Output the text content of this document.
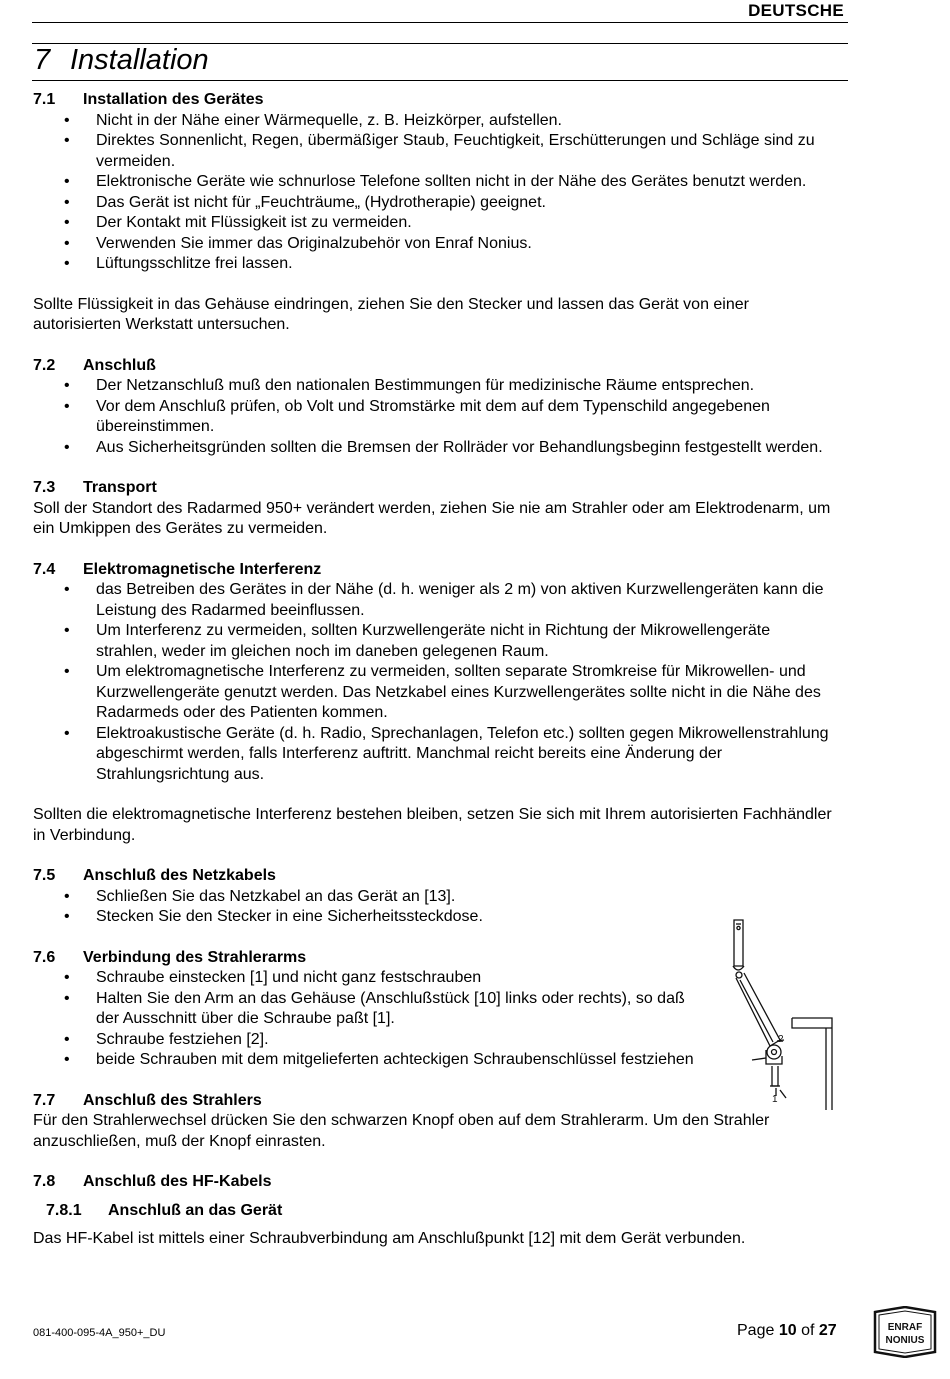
DEUTSCHE
7 Installation
7.1 Installation des Gerätes
• Nicht in der Nähe einer Wärmequelle, z. B. Heizkörper, aufstellen.
• Direktes Sonnenlicht, Regen, übermäßiger Staub, Feuchtigkeit, Erschütterungen und Schläge sind zu vermeiden.
• Elektronische Geräte wie schnurlose Telefone sollten nicht in der Nähe des Gerätes benutzt werden.
• Das Gerät ist nicht für „Feuchträume„ (Hydrotherapie) geeignet.
• Der Kontakt mit Flüssigkeit ist zu vermeiden.
• Verwenden Sie immer das Originalzubehör von Enraf Nonius.
• Lüftungsschlitze frei lassen.

Sollte Flüssigkeit in das Gehäuse eindringen, ziehen Sie den Stecker und lassen das Gerät von einer autorisierten Werkstatt untersuchen.

7.2 Anschluß
• Der Netzanschluß muß den nationalen Bestimmungen für medizinische Räume entsprechen.
• Vor dem Anschluß prüfen, ob Volt und Stromstärke mit dem auf dem Typenschild angegebenen übereinstimmen.
• Aus Sicherheitsgründen sollten die Bremsen der Rollräder vor Behandlungsbeginn festgestellt werden.
7.3 Transport

Soll der Standort des Radarmed 950+ verändert werden, ziehen Sie nie am Strahler oder am Elektrodenarm, um ein Umkippen des Gerätes zu vermeiden.

7.4 Elektromagnetische Interferenz
• das Betreiben des Gerätes in der Nähe (d. h. weniger als 2 m) von aktiven Kurzwellengeräten kann die Leistung des Radarmed beeinflussen.
• Um Interferenz zu vermeiden, sollten Kurzwellengeräte nicht in Richtung der Mikrowellengeräte strahlen, weder im gleichen noch im daneben gelegenen Raum.
• Um elektromagnetische Interferenz zu vermeiden, sollten separate Stromkreise für Mikrowellen- und Kurzwellengeräte genutzt werden. Das Netzkabel eines Kurzwellengerätes sollte nicht in die Nähe des Radarmeds oder des Patienten kommen.
• Elektroakustische Geräte (d. h. Radio, Sprechanlagen, Telefon etc.) sollten gegen Mikrowellenstrahlung abgeschirmt werden, falls Interferenz auftritt. Manchmal reicht bereits eine Änderung der Strahlungsrichtung aus.

Sollten die elektromagnetische Interferenz bestehen bleiben, setzen Sie sich mit Ihrem autorisierten Fachhändler in Verbindung.

7.5 Anschluß des Netzkabels
• Schließen Sie das Netzkabel an das Gerät an [13].
• Stecken Sie den Stecker in eine Sicherheitssteckdose.
7.6 Verbindung des Strahlerarms
• Schraube einstecken [1] und nicht ganz festschrauben
• Halten Sie den Arm an das Gehäuse (Anschlußstück [10] links oder rechts), so daß der Ausschnitt über die Schraube paßt [1].
• Schraube festziehen [2].
• beide Schrauben mit dem mitgelieferten achteckigen Schraubenschlüssel festziehen
7.7 Anschluß des Strahlers

Für den Strahlerwechsel drücken Sie den schwarzen Knopf oben auf dem Strahlerarm. Um den Strahler anzuschließen, muß der Knopf einrasten.

7.8 Anschluß des HF-Kabels
7.8.1 Anschluß an das Gerät

Das HF-Kabel ist mittels einer Schraubverbindung am Anschlußpunkt [12] mit dem Gerät verbunden.

2
1
081-400-095-4A_950+_DU	Page 10 of 27	ENRAF
NONIUS
